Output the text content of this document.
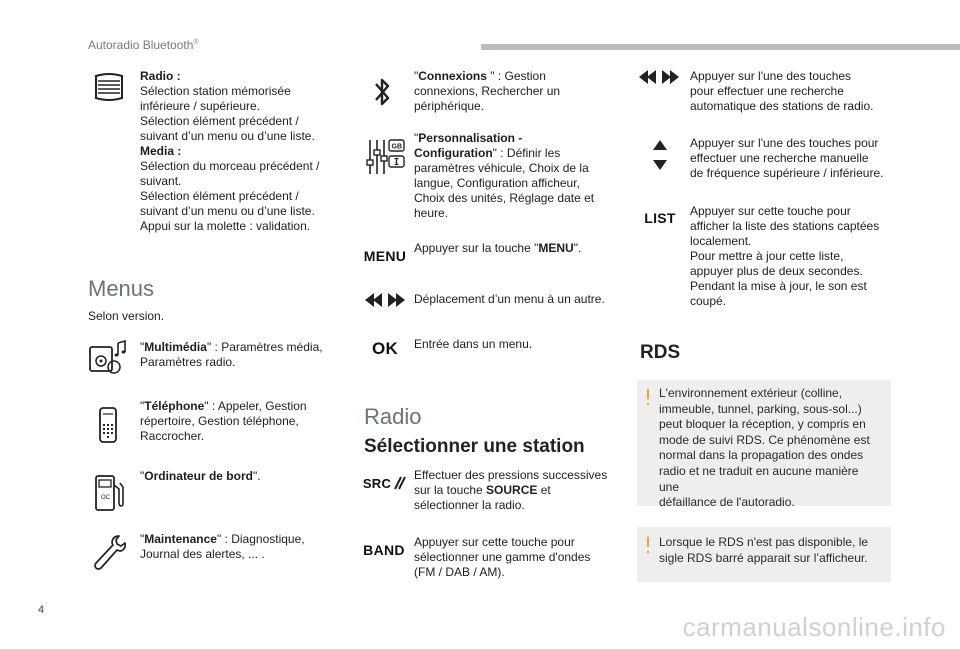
Autoradio Bluetooth®
Radio :
Sélection station mémorisée
inférieure / supérieure.
Sélection élément précédent /
suivant d’un menu ou d’une liste.
Media :
Sélection du morceau précédent /
suivant.
Sélection élément précédent /
suivant d’un menu ou d’une liste.
Appui sur la molette : validation.
Menus
Selon version.
"Multimédia" : Paramètres média,
Paramètres radio.
"Téléphone" : Appeler, Gestion
répertoire, Gestion téléphone,
Raccrocher.
OC
"Ordinateur de bord".
"Maintenance" : Diagnostique,
Journal des alertes, ... .
"Connexions " : Gestion
connexions, Rechercher un
périphérique.
GB
"Personnalisation -
Configuration" : Définir les
paramètres véhicule, Choix de la
langue, Configuration afficheur,
Choix des unités, Réglage date et
heure.
MENU Appuyer sur la touche "MENU".
Déplacement d’un menu à un autre.
OK	Entrée dans un menu.
Radio
Sélectionner une station
SRC
Effectuer des pressions successives
sur la touche SOURCE et
sélectionner la radio.
BAND Appuyer sur cette touche pour
sélectionner une gamme d'ondes
(FM / DAB / AM).
Appuyer sur l'une des touches
pour effectuer une recherche
automatique des stations de radio.
Appuyer sur l'une des touches pour
effectuer une recherche manuelle
de fréquence supérieure / inférieure.
LIST	Appuyer sur cette touche pour
afficher la liste des stations captées
localement.
Pour mettre à jour cette liste,
appuyer plus de deux secondes.
Pendant la mise à jour, le son est
coupé.
RDS
L'environnement extérieur (colline,
immeuble, tunnel, parking, sous-sol...)
peut bloquer la réception, y compris en
mode de suivi RDS. Ce phénomène est
normal dans la propagation des ondes
radio et ne traduit en aucune manière une
défaillance de l'autoradio.
Lorsque le RDS n'est pas disponible, le
sigle RDS barré apparait sur l’afficheur.
4
carmanualsonline.info
